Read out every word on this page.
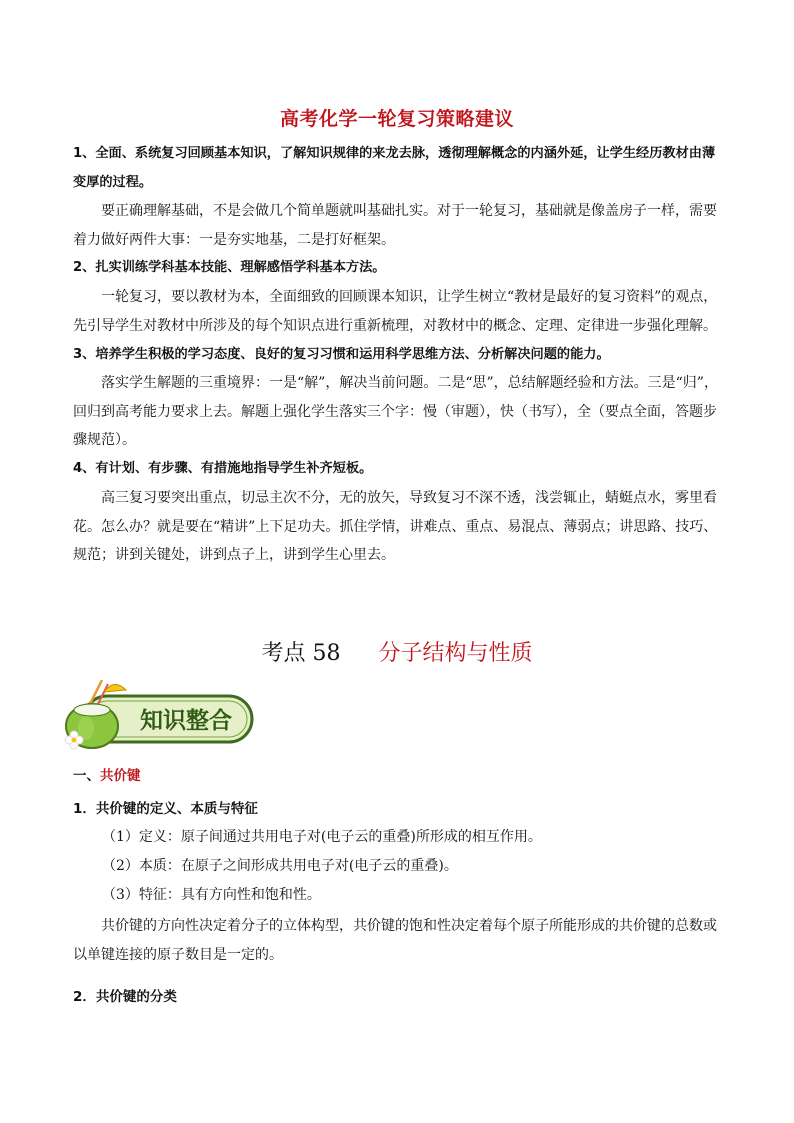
高考化学一轮复习策略建议

1、全面、系统复习回顾基本知识，了解知识规律的来龙去脉，透彻理解概念的内涵外延，让学生经历教材由薄变厚的过程。

要正确理解基础，不是会做几个简单题就叫基础扎实。对于一轮复习，基础就是像盖房子一样，需要着力做好两件大事：一是夯实地基，二是打好框架。

2、扎实训练学科基本技能、理解感悟学科基本方法。

一轮复习，要以教材为本，全面细致的回顾课本知识，让学生树立“教材是最好的复习资料”的观点，先引导学生对教材中所涉及的每个知识点进行重新梳理，对教材中的概念、定理、定律进一步强化理解。

3、培养学生积极的学习态度、良好的复习习惯和运用科学思维方法、分析解决问题的能力。

落实学生解题的三重境界：一是“解”，解决当前问题。二是“思”，总结解题经验和方法。三是“归”，回归到高考能力要求上去。解题上强化学生落实三个字：慢（审题），快（书写），全（要点全面，答题步骤规范）。

4、有计划、有步骤、有措施地指导学生补齐短板。

高三复习要突出重点，切忌主次不分，无的放矢，导致复习不深不透，浅尝辄止，蜻蜓点水，雾里看花。怎么办？就是要在“精讲”上下足功夫。抓住学情，讲难点、重点、易混点、薄弱点；讲思路、技巧、规范；讲到关键处，讲到点子上，讲到学生心里去。

考点 58 分子结构与性质
知识整合
一、共价键
1．共价键的定义、本质与特征
（1）定义：原子间通过共用电子对(电子云的重叠)所形成的相互作用。
（2）本质：在原子之间形成共用电子对(电子云的重叠)。
（3）特征：具有方向性和饱和性。

共价键的方向性决定着分子的立体构型，共价键的饱和性决定着每个原子所能形成的共价键的总数或以单键连接的原子数目是一定的。

2．共价键的分类
